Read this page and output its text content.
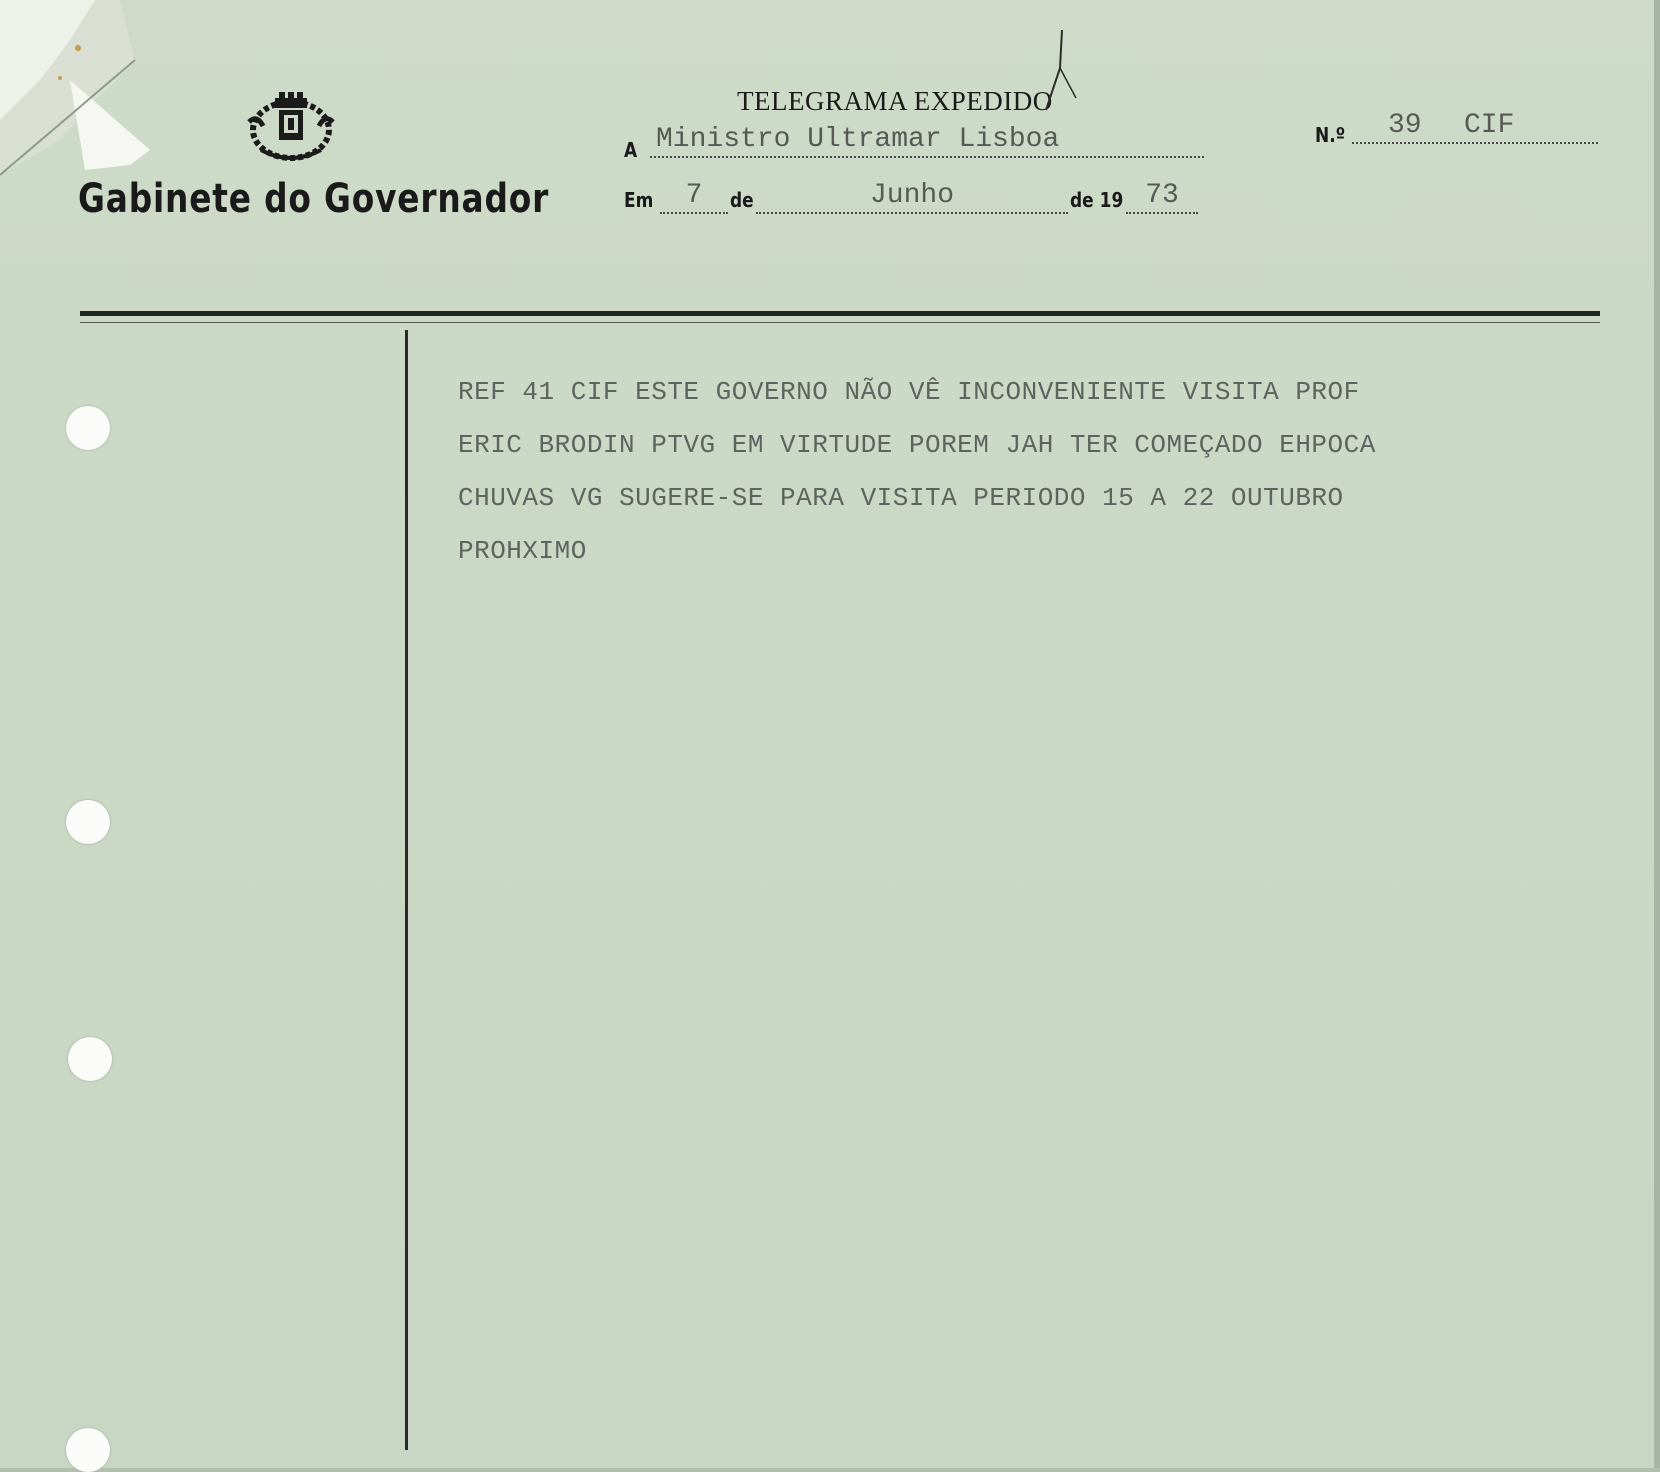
Gabinete do Governador
TELEGRAMA EXPEDIDO
A Ministro Ultramar Lisboa
Em	7	de	Junho	de 19 73
N.º 39 CIF
REF 41 CIF ESTE GOVERNO NÃO VÊ INCONVENIENTE VISITA PROF
ERIC BRODIN PTVG EM VIRTUDE POREM JAH TER COMEÇADO EHPOCA
CHUVAS VG SUGERE-SE PARA VISITA PERIODO 15 A 22 OUTUBRO
PROHXIMO
